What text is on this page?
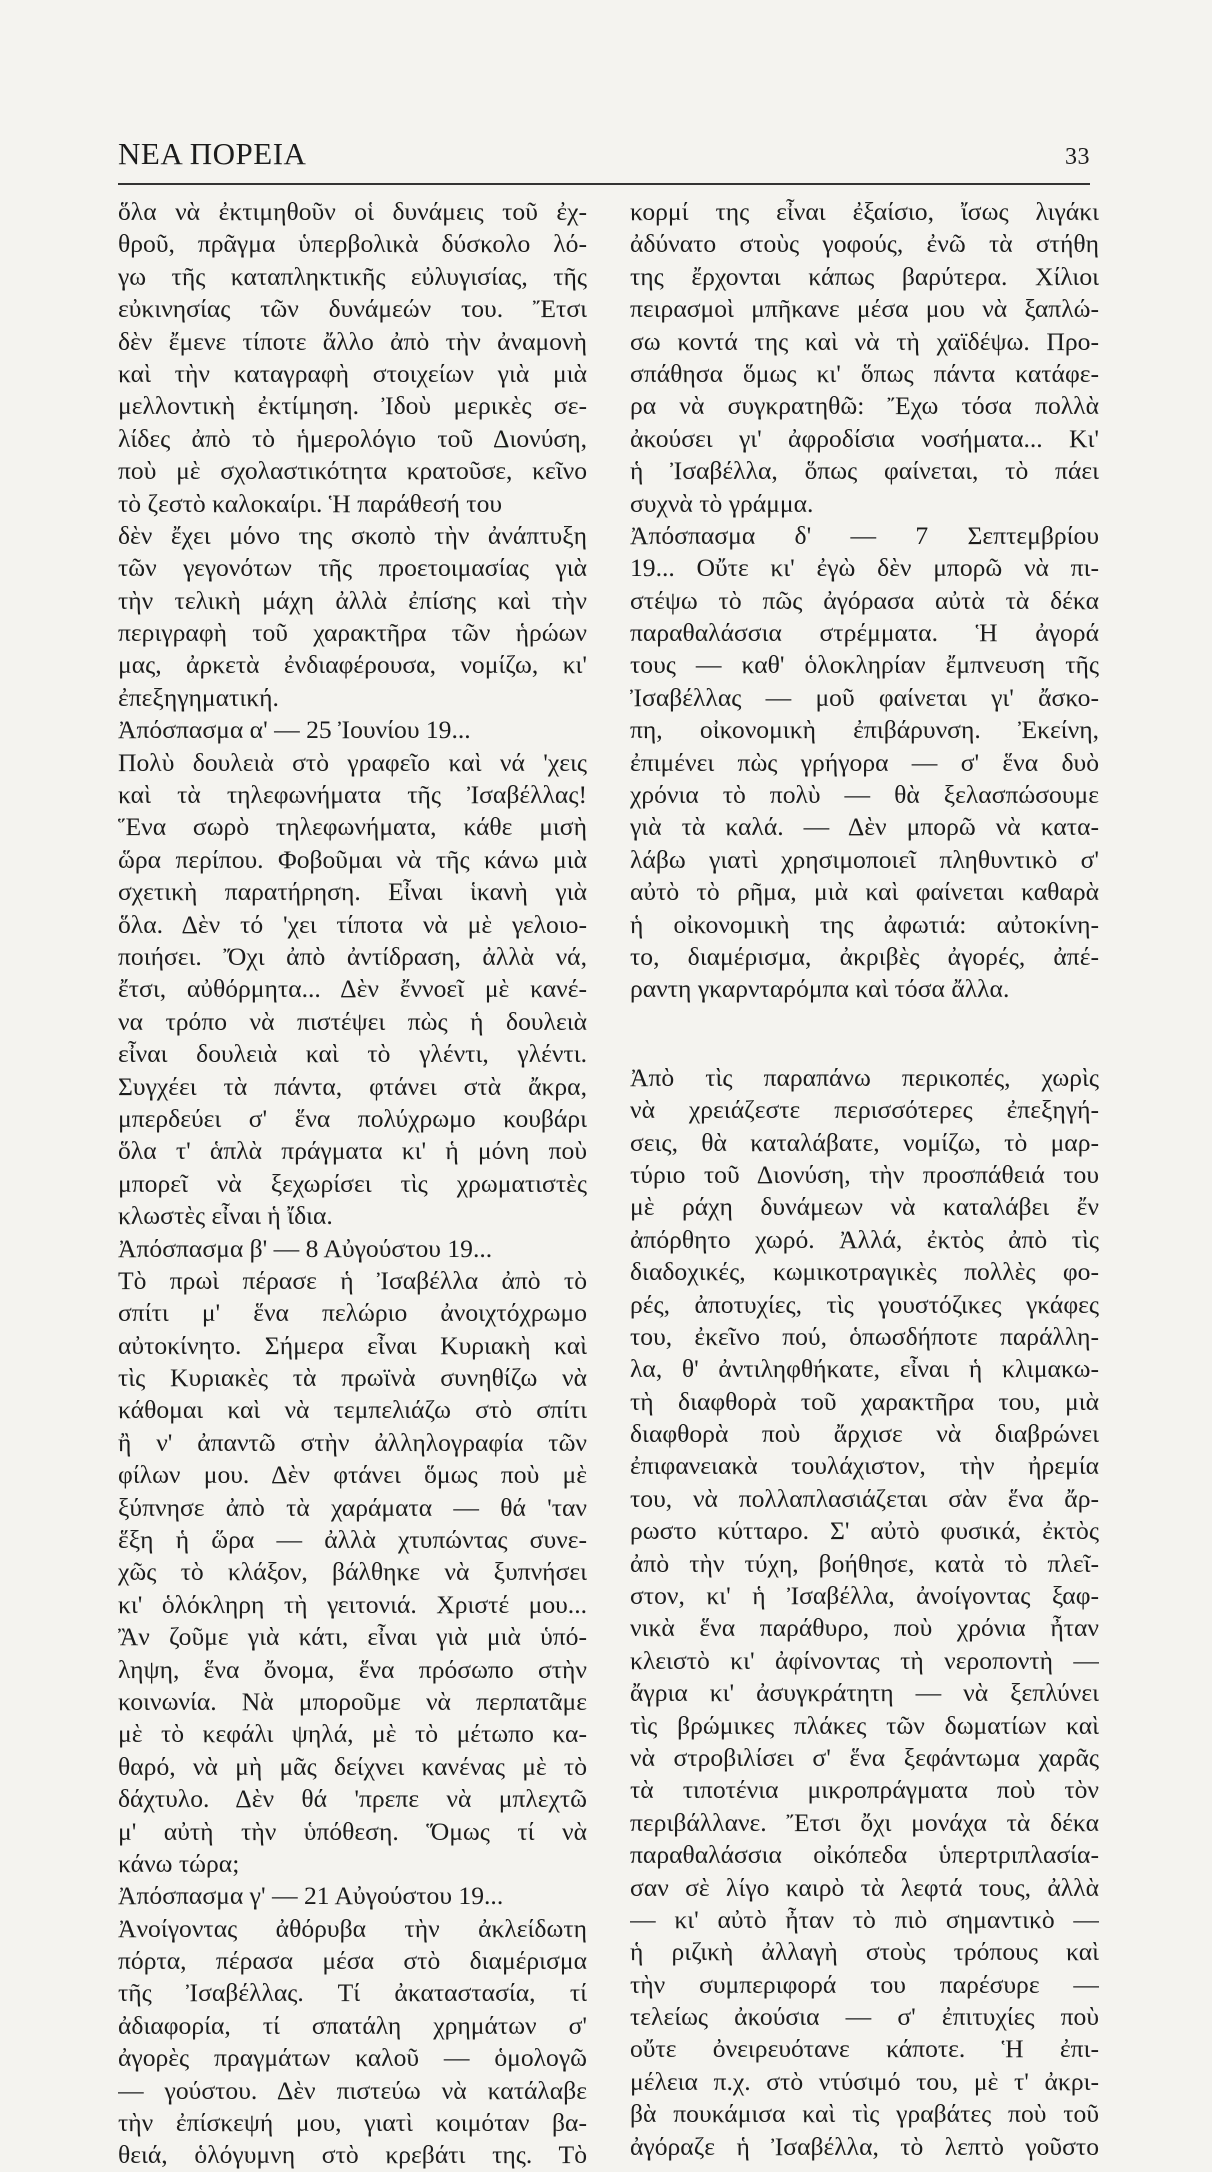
ΝΕΑ ΠΟΡΕΙΑ	33
ὅλα νὰ ἐκτιμηθοῦν οἱ δυνάμεις τοῦ ἐχ-
θροῦ, πρᾶγμα ὑπερβολικὰ δύσκολο λό-
γω τῆς καταπληκτικῆς εὐλυγισίας, τῆς
εὐκινησίας τῶν δυνάμεών του. Ἔτσι
δὲν ἔμενε τίποτε ἄλλο ἀπὸ τὴν ἀναμονὴ
καὶ τὴν καταγραφὴ στοιχείων γιὰ μιὰ
μελλοντικὴ ἐκτίμηση. Ἰδοὺ μερικὲς σε-
λίδες ἀπὸ τὸ ἡμερολόγιο τοῦ Διονύση,
ποὺ μὲ σχολαστικότητα κρατοῦσε, κεῖνο
τὸ ζεστὸ καλοκαίρι. Ἡ παράθεσή του
δὲν ἔχει μόνο της σκοπὸ τὴν ἀνάπτυξη
τῶν γεγονότων τῆς προετοιμασίας γιὰ
τὴν τελικὴ μάχη ἀλλὰ ἐπίσης καὶ τὴν
περιγραφὴ τοῦ χαρακτῆρα τῶν ἡρώων
μας, ἀρκετὰ ἐνδιαφέρουσα, νομίζω, κι'
ἐπεξηγηματική.
Ἀπόσπασμα α' — 25 Ἰουνίου 19...
Πολὺ δουλειὰ στὸ γραφεῖο καὶ νά 'χεις
καὶ τὰ τηλεφωνήματα τῆς Ἰσαβέλλας!
Ἕνα σωρὸ τηλεφωνήματα, κάθε μισὴ
ὥρα περίπου. Φοβοῦμαι νὰ τῆς κάνω μιὰ
σχετικὴ παρατήρηση. Εἶναι ἱκανὴ γιὰ
ὅλα. Δὲν τό 'χει τίποτα νὰ μὲ γελοιο-
ποιήσει. Ὄχι ἀπὸ ἀντίδραση, ἀλλὰ νά,
ἔτσι, αὐθόρμητα... Δὲν ἔννοεῖ μὲ κανέ-
να τρόπο νὰ πιστέψει πὼς ἡ δουλειὰ
εἶναι δουλειὰ καὶ τὸ γλέντι, γλέντι.
Συγχέει τὰ πάντα, φτάνει στὰ ἄκρα,
μπερδεύει σ' ἕνα πολύχρωμο κουβάρι
ὅλα τ' ἁπλὰ πράγματα κι' ἡ μόνη ποὺ
μπορεῖ νὰ ξεχωρίσει τὶς χρωματιστὲς
κλωστὲς εἶναι ἡ ἴδια.
Ἀπόσπασμα β' — 8 Αὐγούστου 19...
Τὸ πρωὶ πέρασε ἡ Ἰσαβέλλα ἀπὸ τὸ
σπίτι μ' ἕνα πελώριο ἀνοιχτόχρωμο
αὐτοκίνητο. Σήμερα εἶναι Κυριακὴ καὶ
τὶς Κυριακὲς τὰ πρωϊνὰ συνηθίζω νὰ
κάθομαι καὶ νὰ τεμπελιάζω στὸ σπίτι
ἢ ν' ἀπαντῶ στὴν ἀλληλογραφία τῶν
φίλων μου. Δὲν φτάνει ὅμως ποὺ μὲ
ξύπνησε ἀπὸ τὰ χαράματα — θά 'ταν
ἕξη ἡ ὥρα — ἀλλὰ χτυπώντας συνε-
χῶς τὸ κλάξον, βάλθηκε νὰ ξυπνήσει
κι' ὁλόκληρη τὴ γειτονιά. Χριστέ μου...
Ἂν ζοῦμε γιὰ κάτι, εἶναι γιὰ μιὰ ὑπό-
ληψη, ἕνα ὄνομα, ἕνα πρόσωπο στὴν
κοινωνία. Νὰ μποροῦμε νὰ περπατᾶμε
μὲ τὸ κεφάλι ψηλά, μὲ τὸ μέτωπο κα-
θαρό, νὰ μὴ μᾶς δείχνει κανένας μὲ τὸ
δάχτυλο. Δὲν θά 'πρεπε νὰ μπλεχτῶ
μ' αὐτὴ τὴν ὑπόθεση. Ὅμως τί νὰ
κάνω τώρα;
Ἀπόσπασμα γ' — 21 Αὐγούστου 19...
Ἀνοίγοντας ἀθόρυβα τὴν ἀκλείδωτη
πόρτα, πέρασα μέσα στὸ διαμέρισμα
τῆς Ἰσαβέλλας. Τί ἀκαταστασία, τί
ἀδιαφορία, τί σπατάλη χρημάτων σ'
ἀγορὲς πραγμάτων καλοῦ — ὁμολογῶ
— γούστου. Δὲν πιστεύω νὰ κατάλαβε
τὴν ἐπίσκεψή μου, γιατὶ κοιμόταν βα-
θειά, ὁλόγυμνη στὸ κρεβάτι της. Τὸ
κορμί της εἶναι ἐξαίσιο, ἴσως λιγάκι
ἀδύνατο στοὺς γοφούς, ἐνῶ τὰ στήθη
της ἔρχονται κάπως βαρύτερα. Χίλιοι
πειρασμοὶ μπῆκανε μέσα μου νὰ ξαπλώ-
σω κοντά της καὶ νὰ τὴ χαϊδέψω. Προ-
σπάθησα ὅμως κι' ὅπως πάντα κατάφε-
ρα νὰ συγκρατηθῶ: Ἔχω τόσα πολλὰ
ἀκούσει γι' ἀφροδίσια νοσήματα... Κι'
ἡ Ἰσαβέλλα, ὅπως φαίνεται, τὸ πάει
συχνὰ τὸ γράμμα.
Ἀπόσπασμα δ' — 7 Σεπτεμβρίου
19... Οὔτε κι' ἐγὼ δὲν μπορῶ νὰ πι-
στέψω τὸ πῶς ἀγόρασα αὐτὰ τὰ δέκα
παραθαλάσσια στρέμματα. Ἡ ἀγορά
τους — καθ' ὁλοκληρίαν ἔμπνευση τῆς
Ἰσαβέλλας — μοῦ φαίνεται γι' ἄσκο-
πη, οἰκονομικὴ ἐπιβάρυνση. Ἐκείνη,
ἐπιμένει πὼς γρήγορα — σ' ἕνα δυὸ
χρόνια τὸ πολὺ — θὰ ξελασπώσουμε
γιὰ τὰ καλά. — Δὲν μπορῶ νὰ κατα-
λάβω γιατὶ χρησιμοποιεῖ πληθυντικὸ σ'
αὐτὸ τὸ ρῆμα, μιὰ καὶ φαίνεται καθαρὰ
ἡ οἰκονομικὴ της ἀφωτιά: αὐτοκίνη-
το, διαμέρισμα, ἀκριβὲς ἀγορές, ἀπέ-
ραντη γκαρνταρόμπα καὶ τόσα ἄλλα.
Ἀπὸ τὶς παραπάνω περικοπές, χωρὶς
νὰ χρειάζεστε περισσότερες ἐπεξηγή-
σεις, θὰ καταλάβατε, νομίζω, τὸ μαρ-
τύριο τοῦ Διονύση, τὴν προσπάθειά του
μὲ ράχη δυνάμεων νὰ καταλάβει ἔν
ἀπόρθητο χωρό. Ἀλλά, ἐκτὸς ἀπὸ τὶς
διαδοχικές, κωμικοτραγικὲς πολλὲς φο-
ρές, ἀποτυχίες, τὶς γουστόζικες γκάφες
του, ἐκεῖνο πού, ὁπωσδήποτε παράλλη-
λα, θ' ἀντιληφθήκατε, εἶναι ἡ κλιμακω-
τὴ διαφθορὰ τοῦ χαρακτῆρα του, μιὰ
διαφθορὰ ποὺ ἄρχισε νὰ διαβρώνει
ἐπιφανειακὰ τουλάχιστον, τὴν ἠρεμία
του, νὰ πολλαπλασιάζεται σὰν ἕνα ἄρ-
ρωστο κύτταρο. Σ' αὐτὸ φυσικά, ἐκτὸς
ἀπὸ τὴν τύχη, βοήθησε, κατὰ τὸ πλεῖ-
στον, κι' ἡ Ἰσαβέλλα, ἀνοίγοντας ξαφ-
νικὰ ἕνα παράθυρο, ποὺ χρόνια ἦταν
κλειστὸ κι' ἀφίνοντας τὴ νεροποντὴ —
ἄγρια κι' ἀσυγκράτητη — νὰ ξεπλύνει
τὶς βρώμικες πλάκες τῶν δωματίων καὶ
νὰ στροβιλίσει σ' ἕνα ξεφάντωμα χαρᾶς
τὰ τιποτένια μικροπράγματα ποὺ τὸν
περιβάλλανε. Ἔτσι ὄχι μονάχα τὰ δέκα
παραθαλάσσια οἰκόπεδα ὑπερτριπλασία-
σαν σὲ λίγο καιρὸ τὰ λεφτά τους, ἀλλὰ
— κι' αὐτὸ ἦταν τὸ πιὸ σημαντικὸ —
ἡ ριζικὴ ἀλλαγὴ στοὺς τρόπους καὶ
τὴν συμπεριφορά του παρέσυρε —
τελείως ἀκούσια — σ' ἐπιτυχίες ποὺ
οὔτε ὀνειρευότανε κάποτε. Ἡ ἐπι-
μέλεια π.χ. στὸ ντύσιμό του, μὲ τ' ἀκρι-
βὰ πουκάμισα καὶ τὶς γραβάτες ποὺ τοῦ
ἀγόραζε ἡ Ἰσαβέλλα, τὸ λεπτὸ γοῦστο
